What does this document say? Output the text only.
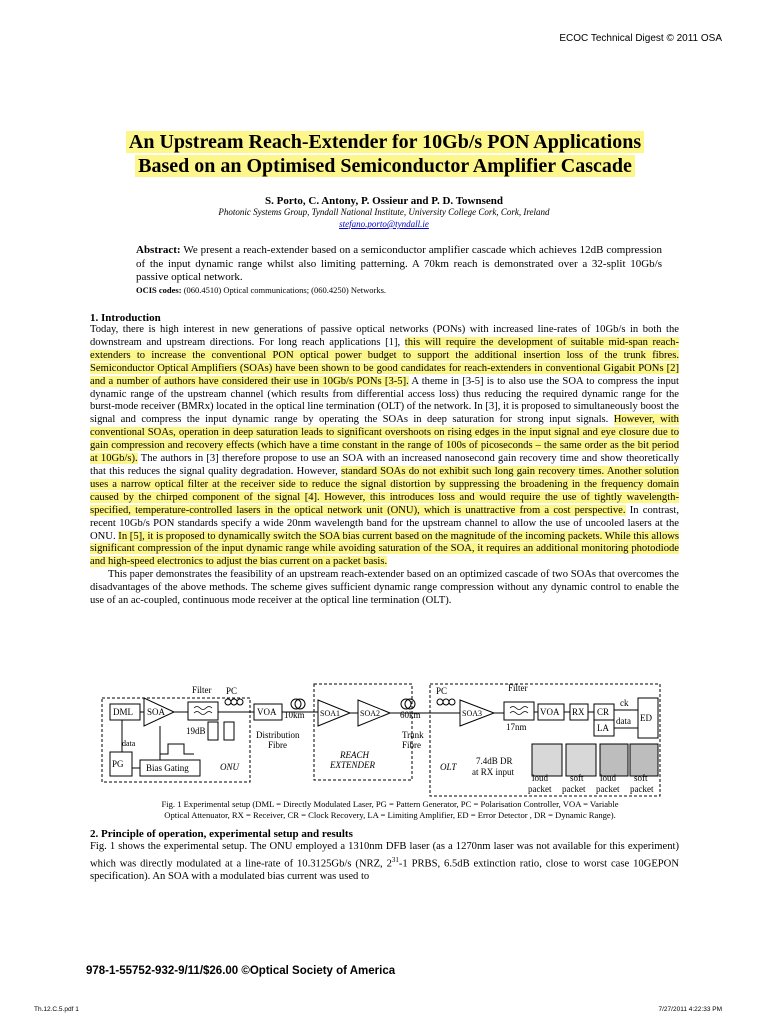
ECOC Technical Digest © 2011 OSA
An Upstream Reach-Extender for 10Gb/s PON Applications
Based on an Optimised Semiconductor Amplifier Cascade
S. Porto, C. Antony, P. Ossieur and P. D. Townsend
Photonic Systems Group, Tyndall National Institute, University College Cork, Cork, Ireland
stefano.porto@tyndall.ie
Abstract: We present a reach-extender based on a semiconductor amplifier cascade which achieves 12dB compression of the input dynamic range whilst also limiting patterning. A 70km reach is demonstrated over a 32-split 10Gb/s passive optical network.
OCIS codes: (060.4510) Optical communications; (060.4250) Networks.
1. Introduction

Today, there is high interest in new generations of passive optical networks (PONs) with increased line-rates of 10Gb/s in both the downstream and upstream directions. For long reach applications [1], this will require the development of suitable mid-span reach-extenders to increase the conventional PON optical power budget to support the additional insertion loss of the trunk fibres. Semiconductor Optical Amplifiers (SOAs) have been shown to be good candidates for reach-extenders in conventional Gigabit PONs [2] and a number of authors have considered their use in 10Gb/s PONs [3-5]. A theme in [3-5] is to also use the SOA to compress the input dynamic range of the upstream channel (which results from differential access loss) thus reducing the required dynamic range for the burst-mode receiver (BMRx) located in the optical line termination (OLT) of the network. In [3], it is proposed to simultaneously boost the signal and compress the input dynamic range by operating the SOAs in deep saturation for strong input signals. However, with conventional SOAs, operation in deep saturation leads to significant overshoots on rising edges in the input signal and eye closure due to gain compression and recovery effects (which have a time constant in the range of 100s of picoseconds – the same order as the bit period at 10Gb/s). The authors in [3] therefore propose to use an SOA with an increased nanosecond gain recovery time and show theoretically that this reduces the signal quality degradation. However, standard SOAs do not exhibit such long gain recovery times. Another solution uses a narrow optical filter at the receiver side to reduce the signal distortion by suppressing the broadening in the frequency domain caused by the chirped component of the signal [4]. However, this introduces loss and would require the use of tightly wavelength-specified, temperature-controlled lasers in the optical network unit (ONU), which is unattractive from a cost perspective. In contrast, recent 10Gb/s PON standards specify a wide 20nm wavelength band for the upstream channel to allow the use of uncooled lasers at the ONU. In [5], it is proposed to dynamically switch the SOA bias current based on the magnitude of the incoming packets. While this allows significant compression of the input dynamic range while avoiding saturation of the SOA, it requires an additional monitoring photodiode and high-speed electronics to adjust the bias current on a packet basis.

This paper demonstrates the feasibility of an upstream reach-extender based on an optimized cascade of two SOAs that overcomes the disadvantages of the above methods. The scheme gives sufficient dynamic range compression without any dynamic control to enable the use of an ac-coupled, continuous mode receiver at the optical line termination (OLT).

DML SOA
Filter PC
VOA 10km
Distribution
Fibre
SOA1 SOA2 60km
Trunk
Fibre
REACH
EXTENDER
PC
SOA3
Filter
17nm
VOA RX CR
LA
ck
data ED
PG
data
Bias Gating
19dB
ONU	OLT
7.4dB DR
at RX input
loud
packet
soft
packet
loud
packet
soft
packet
Fig. 1 Experimental setup (DML = Directly Modulated Laser, PG = Pattern Generator, PC = Polarisation Controller, VOA = Variable
Optical Attenuator, RX = Receiver, CR = Clock Recovery, LA = Limiting Amplifier, ED = Error Detector , DR = Dynamic Range).
2. Principle of operation, experimental setup and results
Fig. 1 shows the experimental setup. The ONU employed a 1310nm DFB laser (as a 1270nm laser was not available for this experiment) which was directly modulated at a line-rate of 10.3125Gb/s (NRZ, $2^{31}-1$ PRBS, 6.5dB extinction ratio, close to worst case 10GEPON specification). An SOA with a modulated bias current was used to
978-1-55752-932-9/11/$26.00 ©Optical Society of America
Th.12.C.5.pdf 1	7/27/2011 4:22:33 PM
